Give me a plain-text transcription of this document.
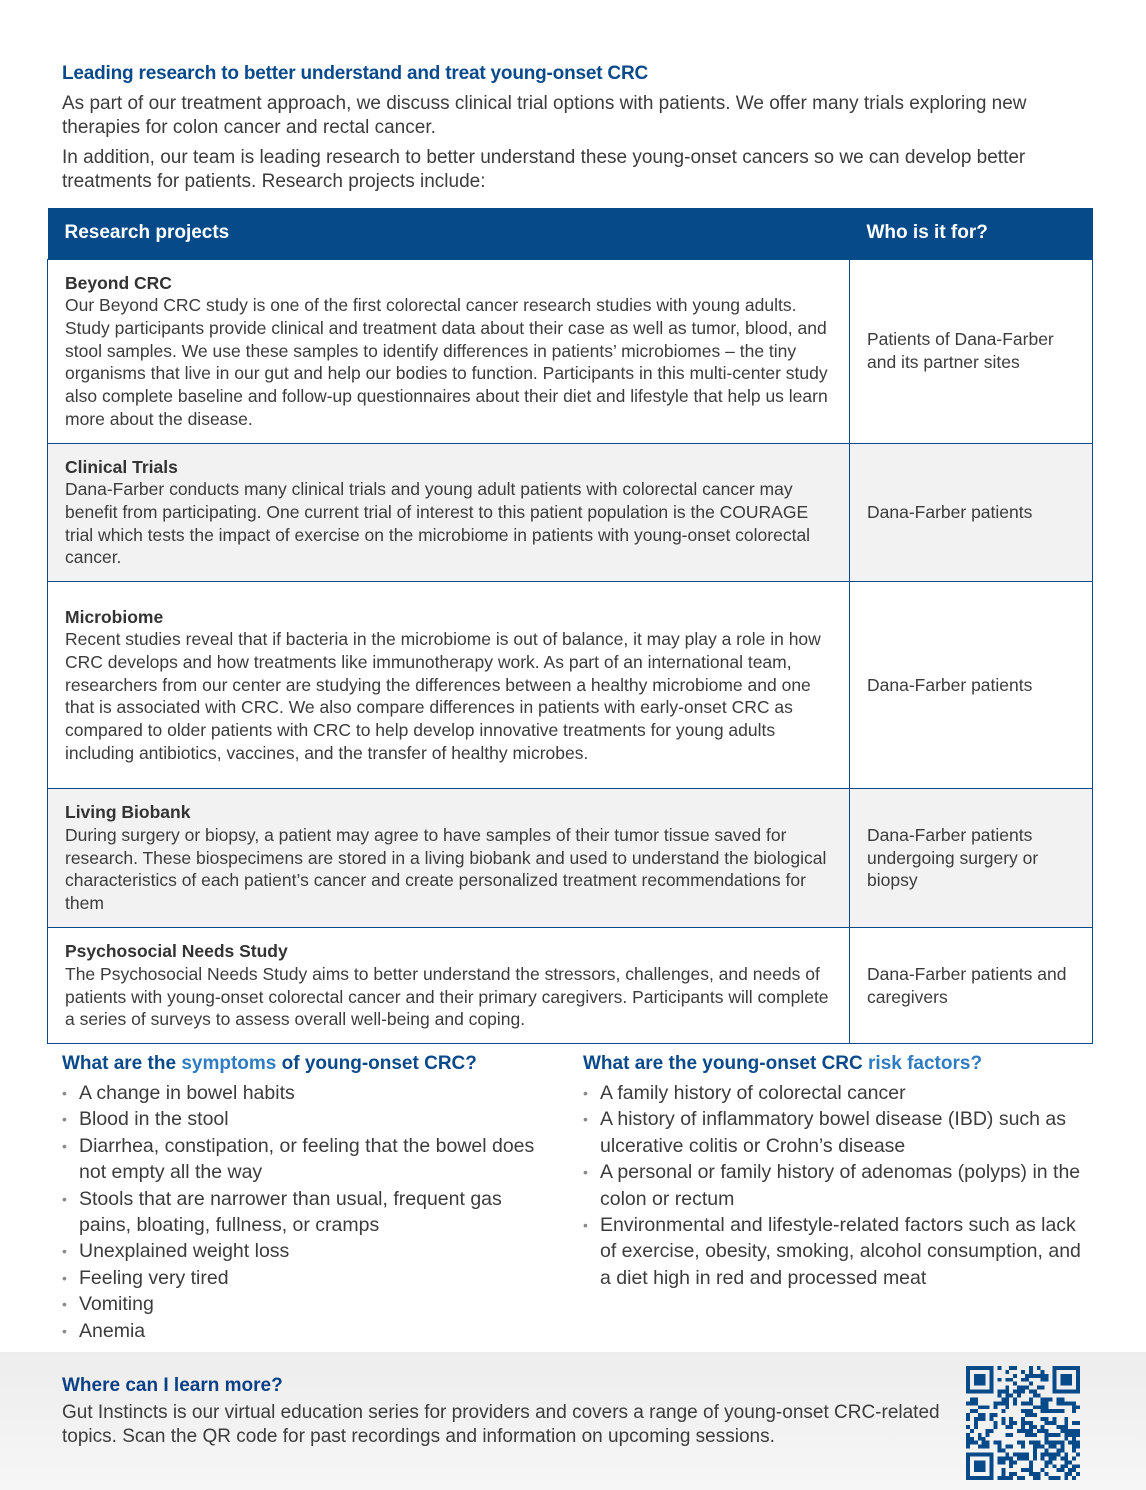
Leading research to better understand and treat young-onset CRC

As part of our treatment approach, we discuss clinical trial options with patients. We offer many trials exploring new therapies for colon cancer and rectal cancer.

In addition, our team is leading research to better understand these young-onset cancers so we can develop better treatments for patients. Research projects include:

Research projects	Who is it for?

Beyond CRC
Our Beyond CRC study is one of the first colorectal cancer research studies with young adults. Study participants provide clinical and treatment data about their case as well as tumor, blood, and stool samples. We use these samples to identify differences in patients’ microbiomes – the tiny organisms that live in our gut and help our bodies to function. Participants in this multi-center study also complete baseline and follow-up questionnaires about their diet and lifestyle that help us learn more about the disease.	Patients of Dana-Farber and its partner sites

Clinical Trials
Dana-Farber conducts many clinical trials and young adult patients with colorectal cancer may benefit from participating. One current trial of interest to this patient population is the COURAGE trial which tests the impact of exercise on the microbiome in patients with young-onset colorectal cancer.	Dana-Farber patients

Microbiome
Recent studies reveal that if bacteria in the microbiome is out of balance, it may play a role in how CRC develops and how treatments like immunotherapy work. As part of an international team, researchers from our center are studying the differences between a healthy microbiome and one that is associated with CRC. We also compare differences in patients with early-onset CRC as compared to older patients with CRC to help develop innovative treatments for young adults including antibiotics, vaccines, and the transfer of healthy microbes.	Dana-Farber patients

Living Biobank
During surgery or biopsy, a patient may agree to have samples of their tumor tissue saved for research. These biospecimens are stored in a living biobank and used to understand the biological characteristics of each patient’s cancer and create personalized treatment recommendations for them	Dana-Farber patients undergoing surgery or biopsy

Psychosocial Needs Study
The Psychosocial Needs Study aims to better understand the stressors, challenges, and needs of patients with young-onset colorectal cancer and their primary caregivers. Participants will complete a series of surveys to assess overall well-being and coping.	Dana-Farber patients and caregivers
What are the symptoms of young-onset CRC?
• A change in bowel habits
• Blood in the stool
• Diarrhea, constipation, or feeling that the bowel does not empty all the way
• Stools that are narrower than usual, frequent gas pains, bloating, fullness, or cramps
• Unexplained weight loss
• Feeling very tired
• Vomiting
• Anemia
What are the young-onset CRC risk factors?
• A family history of colorectal cancer
• A history of inflammatory bowel disease (IBD) such as ulcerative colitis or Crohn’s disease
• A personal or family history of adenomas (polyps) in the colon or rectum
• Environmental and lifestyle-related factors such as lack of exercise, obesity, smoking, alcohol consumption, and a diet high in red and processed meat
Where can I learn more?

Gut Instincts is our virtual education series for providers and covers a range of young-onset CRC-related topics. Scan the QR code for past recordings and information on upcoming sessions.
